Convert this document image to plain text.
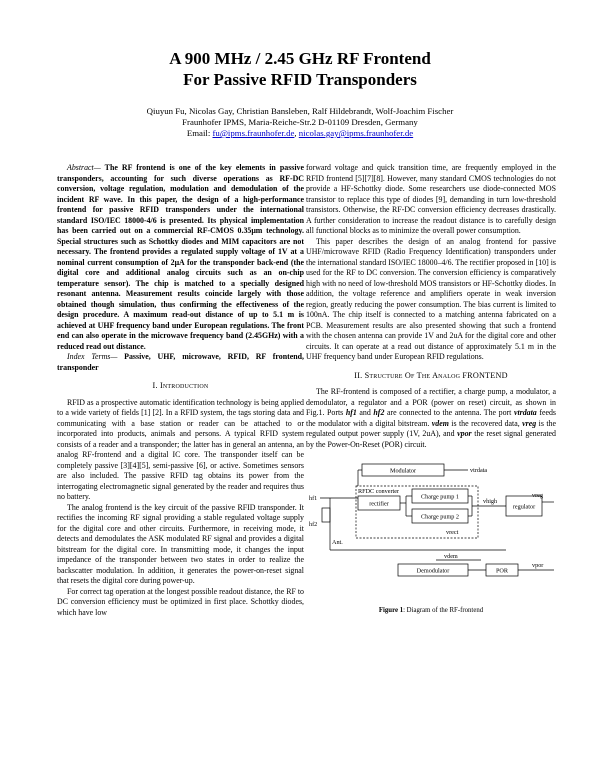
A 900 MHz / 2.45 GHz RF Frontend
For Passive RFID Transponders
Qiuyun Fu, Nicolas Gay, Christian Bansleben, Ralf Hildebrandt, Wolf-Joachim Fischer
Fraunhofer IPMS, Maria-Reiche-Str.2 D-01109 Dresden, Germany
Email: fu@ipms.fraunhofer.de, nicolas.gay@ipms.fraunhofer.de

Abstract— The RF frontend is one of the key elements in passive transponders, accounting for such diverse operations as RF-DC conversion, voltage regulation, modulation and demodulation of the incident RF wave. In this paper, the design of a high-performance frontend for passive RFID transponders under the international standard ISO/IEC 18000-4/6 is presented. Its physical implementation has been carried out on a commercial RF-CMOS 0.35μm technology. Special structures such as Schottky diodes and MIM capacitors are not necessary. The frontend provides a regulated supply voltage of 1V at a nominal current consumption of 2μA for the transponder back-end (the digital core and additional analog circuits such as an on-chip temperature sensor). The chip is matched to a specially designed resonant antenna. Measurement results coincide largely with those obtained though simulation, thus confirming the effectiveness of the design procedure. A maximum read-out distance of up to 5.1 m is achieved at UHF frequency band under European regulations. The front end can also operate in the microwave frequency band (2.45GHz) with a reduced read out distance.

Index Terms— Passive, UHF, microwave, RFID, RF frontend, transponder

I. Introduction

RFID as a prospective automatic identification technology is being applied to a wide variety of fields [1] [2]. In a RFID system, the tags storing data and communicating with a base station or reader can be attached to or incorporated into products, animals and persons. A typical RFID system consists of a reader and a transponder; the latter has in general an antenna, an analog RF-frontend and a digital IC core. The transponder itself can be completely passive [3][4][5], semi-passive [6], or active. Sometimes sensors are also included. The passive RFID tag obtains its power from the interrogating electromagnetic signal generated by the reader and requires thus no battery.

The analog frontend is the key circuit of the passive RFID transponder. It rectifies the incoming RF signal providing a stable regulated voltage supply for the digital core and other circuits. Furthermore, in receiving mode, it detects and demodulates the ASK modulated RF signal and provides a digital bitstream for the digital core. In transmitting mode, it changes the input impedance of the transponder between two states in order to realize the backscatter modulation. In addition, it generates the power-on-reset signal that resets the digital core during power-up.

For correct tag operation at the longest possible readout distance, the RF to DC conversion efficiency must be optimized in first place. Schottky diodes, which have low

forward voltage and quick transition time, are frequently employed in the RFID frontend [5][7][8]. However, many standard CMOS technologies do not provide a HF-Schottky diode. Some researchers use diode-connected MOS transistor to replace this type of diodes [9], demanding in turn low-threshold transistors. Otherwise, the RF-DC conversion efficiency decreases drastically. A further consideration to increase the readout distance is to carefully design all functional blocks as to minimize the overall power consumption.

This paper describes the design of an analog frontend for passive UHF/microwave RFID (Radio Frequency Identification) transponders under the international standard ISO/IEC 18000–4/6. The rectifier proposed in [10] is used for the RF to DC conversion. The conversion efficiency is comparatively high with no need of low-threshold MOS transistors or HF-Schottky diodes. In addition, the voltage reference and amplifiers operate in weak inversion region, greatly reducing the power consumption. The bias current is limited to 100nA. The chip itself is connected to a matching antenna fabricated on a PCB. Measurement results are also presented showing that such a frontend with the chosen antenna can provide 1V and 2uA for the digital core and other circuits. It can operate at a read out distance of approximately 5.1 m in the UHF frequency band under European RFID regulations.

II. Structure Of The Analog FRONTEND

The RF-frontend is composed of a rectifier, a charge pump, a modulator, a demodulator, a regulator and a POR (power on reset) circuit, as shown in Fig.1. Ports hf1 and hf2 are connected to the antenna. The port vtrdata feeds the modulator with a digital bitstream. vdem is the recovered data, vreg is the regulated output power supply (1V, 2uA), and vpor the reset signal generated by the Power-On-Reset (POR) circuit.

Modulator	vtrdata
RFDC converter
rectifier
Charge pump 1
Charge pump 2
vhigh
vrect
regulator
vreg
hf1
hf2
Ant.
vdem
Demodulator	POR
vpor
Figure 1: Diagram of the RF-frontend
